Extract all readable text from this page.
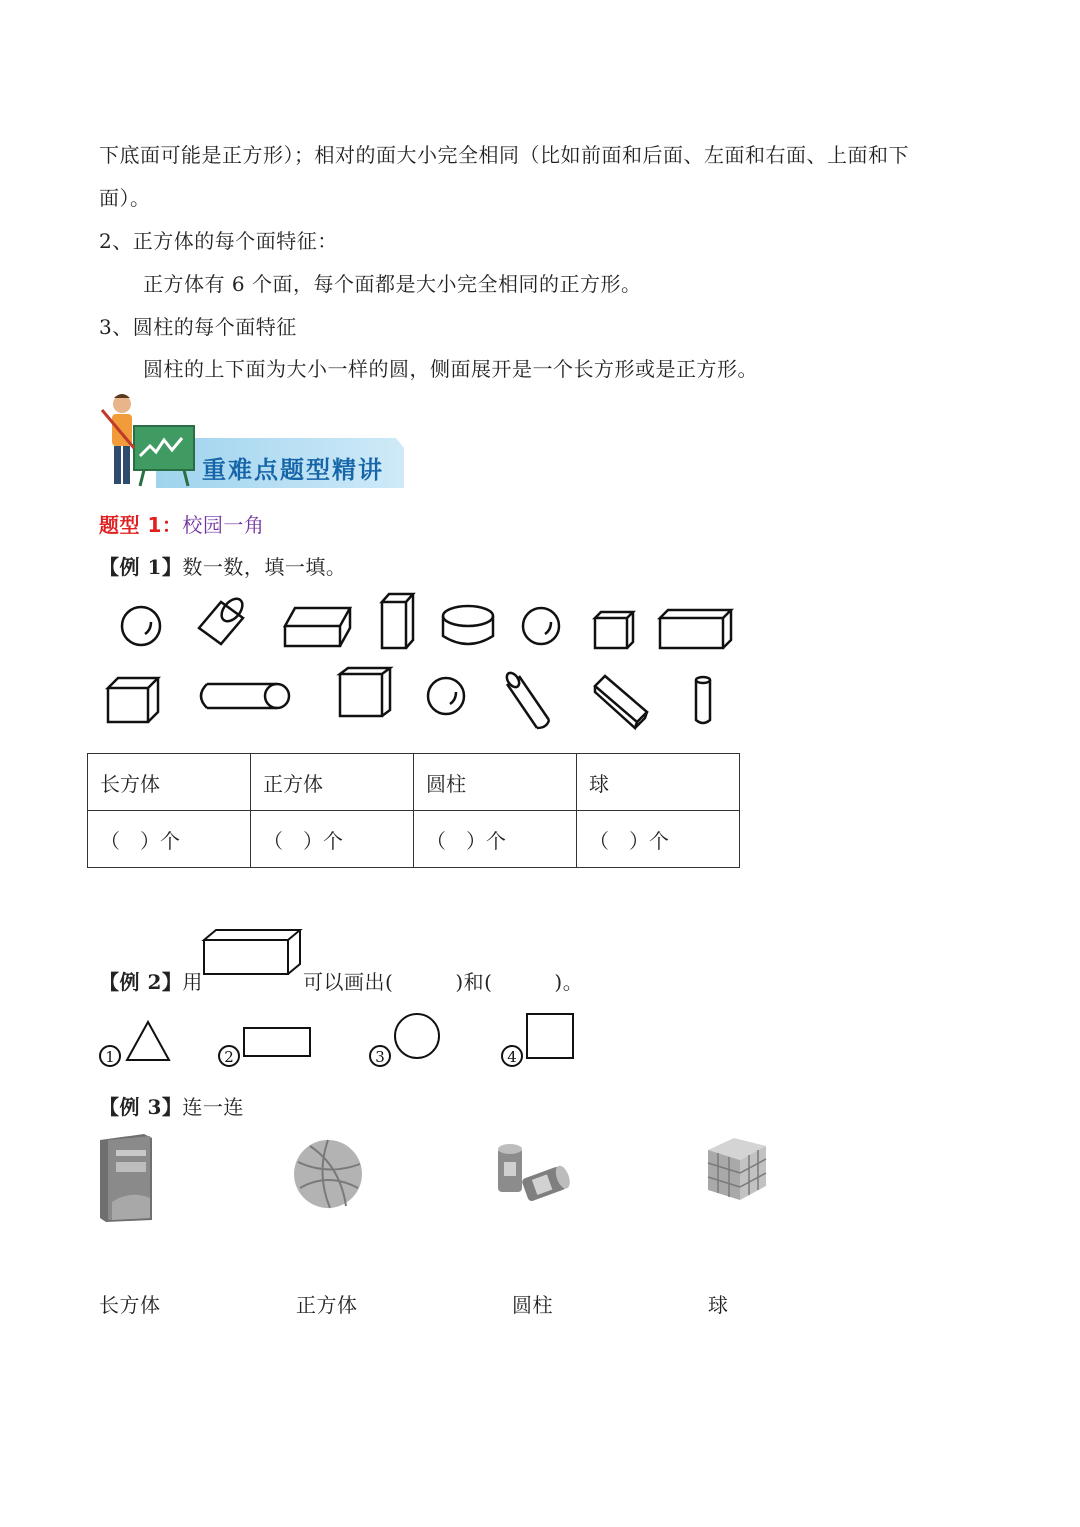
下底面可能是正方形）；相对的面大小完全相同（比如前面和后面、左面和右面、上面和下
面）。
2、正方体的每个面特征：
正方体有 6 个面，每个面都是大小完全相同的正方形。
3、圆柱的每个面特征
圆柱的上下面为大小一样的圆，侧面展开是一个长方形或是正方形。
重难点题型精讲
题型 1：校园一角
【例 1】数一数，填一填。
长方体	正方体	圆柱	球
（　）个	（　）个	（　）个	（　）个
【例 2】用	可以画出(	)和(	)。
1	2	3	4
【例 3】连一连
长方体	正方体	圆柱	球
